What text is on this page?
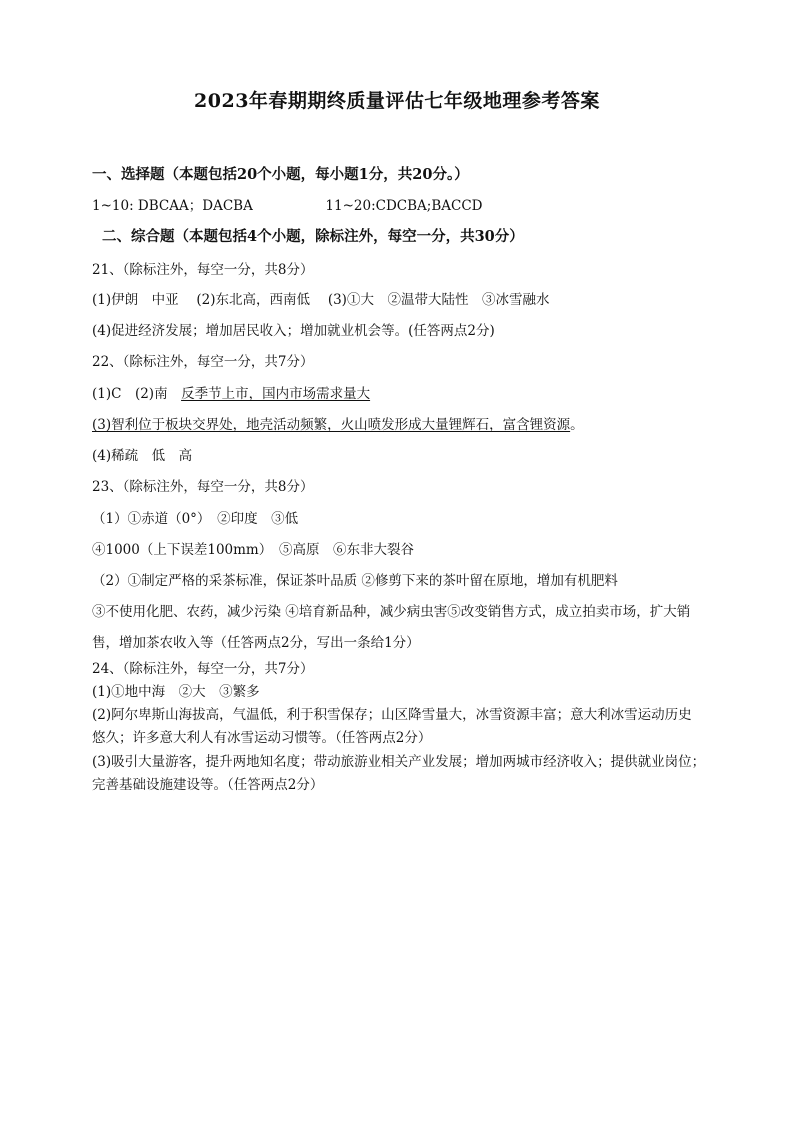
2023年春期期终质量评估七年级地理参考答案
一、选择题（本题包括20个小题，每小题1分，共20分。）
1~10: DBCAA；DACBA	11~20:CDCBA;BACCD
二、综合题（本题包括4个小题，除标注外，每空一分，共30分）
21、（除标注外，每空一分，共8分）
(1)伊朗　中亚　 (2)东北高，西南低　 (3)①大　②温带大陆性　③冰雪融水
(4)促进经济发展；增加居民收入；增加就业机会等。(任答两点2分)
22、（除标注外，每空一分，共7分）
(1)C　(2)南　反季节上市，国内市场需求量大
(3)智利位于板块交界处，地壳活动频繁，火山喷发形成大量锂辉石，富含锂资源。
(4)稀疏　低　高
23、（除标注外，每空一分，共8分）
（1）①赤道（0°）　②印度　③低
④1000（上下误差100mm）　⑤高原　⑥东非大裂谷
（2）①制定严格的采茶标准，保证茶叶品质 ②修剪下来的茶叶留在原地，增加有机肥料
③不使用化肥、农药，减少污染 ④培育新品种，减少病虫害⑤改变销售方式，成立拍卖市场，扩大销
售，增加茶农收入等（任答两点2分，写出一条给1分）
24、（除标注外，每空一分，共7分）
(1)①地中海　②大　③繁多
(2)阿尔卑斯山海拔高，气温低，利于积雪保存；山区降雪量大，冰雪资源丰富；意大利冰雪运动历史
悠久；许多意大利人有冰雪运动习惯等。（任答两点2分）
(3)吸引大量游客，提升两地知名度；带动旅游业相关产业发展；增加两城市经济收入；提供就业岗位；
完善基础设施建设等。（任答两点2分）
